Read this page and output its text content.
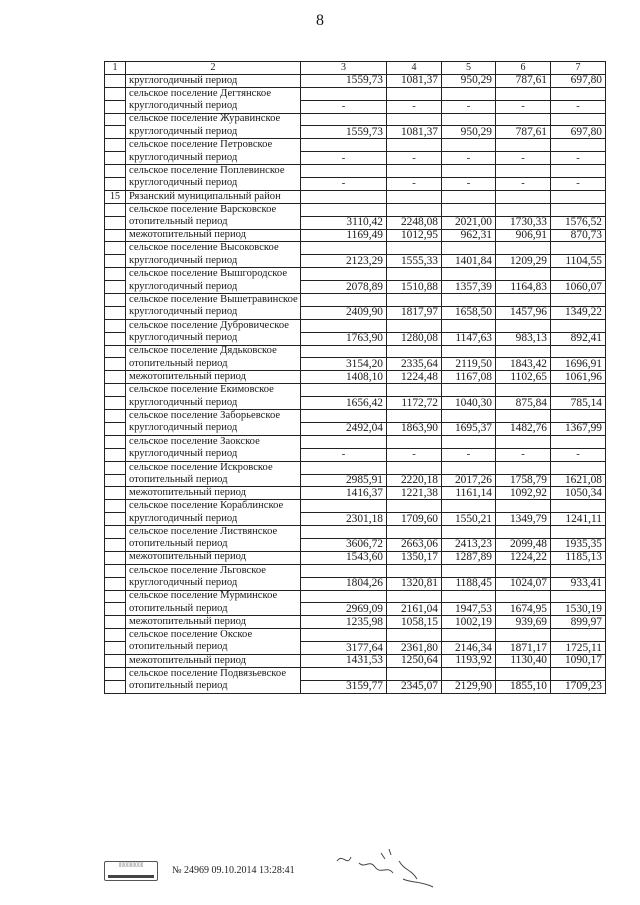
8
1	2	3	4	5	6	7
	круглогодичный период	1559,73	1081,37	950,29	787,61	697,80
	сельское поселение Дегтянское					
	круглогодичный период	-	-	-	-	-
	сельское поселение Журавинское					
	круглогодичный период	1559,73	1081,37	950,29	787,61	697,80
	сельское поселение Петровское					
	круглогодичный период	-	-	-	-	-
	сельское поселение Поплевинское					
	круглогодичный период	-	-	-	-	-
15	Рязанский муниципальный район					
	сельское поселение Варсковское					
	отопительный период	3110,42	2248,08	2021,00	1730,33	1576,52
	межотопительный период	1169,49	1012,95	962,31	906,91	870,73
	сельское поселение Высоковское					
	круглогодичный период	2123,29	1555,33	1401,84	1209,29	1104,55
	сельское поселение Вышгородское					
	круглогодичный период	2078,89	1510,88	1357,39	1164,83	1060,07
	сельское поселение Вышетравинское					
	круглогодичный период	2409,90	1817,97	1658,50	1457,96	1349,22
	сельское поселение Дубровическое					
	круглогодичный период	1763,90	1280,08	1147,63	983,13	892,41
	сельское поселение Дядьковское					
	отопительный период	3154,20	2335,64	2119,50	1843,42	1696,91
	межотопительный период	1408,10	1224,48	1167,08	1102,65	1061,96
	сельское поселение Екимовское					
	круглогодичный период	1656,42	1172,72	1040,30	875,84	785,14
	сельское поселение Заборьевское					
	круглогодичный период	2492,04	1863,90	1695,37	1482,76	1367,99
	сельское поселение Заокское					
	круглогодичный период	-	-	-	-	-
	сельское поселение Искровское					
	отопительный период	2985,91	2220,18	2017,26	1758,79	1621,08
	межотопительный период	1416,37	1221,38	1161,14	1092,92	1050,34
	сельское поселение Кораблинское					
	круглогодичный период	2301,18	1709,60	1550,21	1349,79	1241,11
	сельское поселение Листвянское					
	отопительный период	3606,72	2663,06	2413,23	2099,48	1935,35
	межотопительный период	1543,60	1350,17	1287,89	1224,22	1185,13
	сельское поселение Льговское					
	круглогодичный период	1804,26	1320,81	1188,45	1024,07	933,41
	сельское поселение Мурминское					
	отопительный период	2969,09	2161,04	1947,53	1674,95	1530,19
	межотопительный период	1235,98	1058,15	1002,19	939,69	899,97
	сельское поселение Окское					
	отопительный период	3177,64	2361,80	2146,34	1871,17	1725,11
	межотопительный период	1431,53	1250,64	1193,92	1130,40	1090,17
	сельское поселение Подвязьевское					
	отопительный период	3159,77	2345,07	2129,90	1855,10	1709,23
▯▯▯▯▯▯▯▯▯	№ 24969 09.10.2014 13:28:41
